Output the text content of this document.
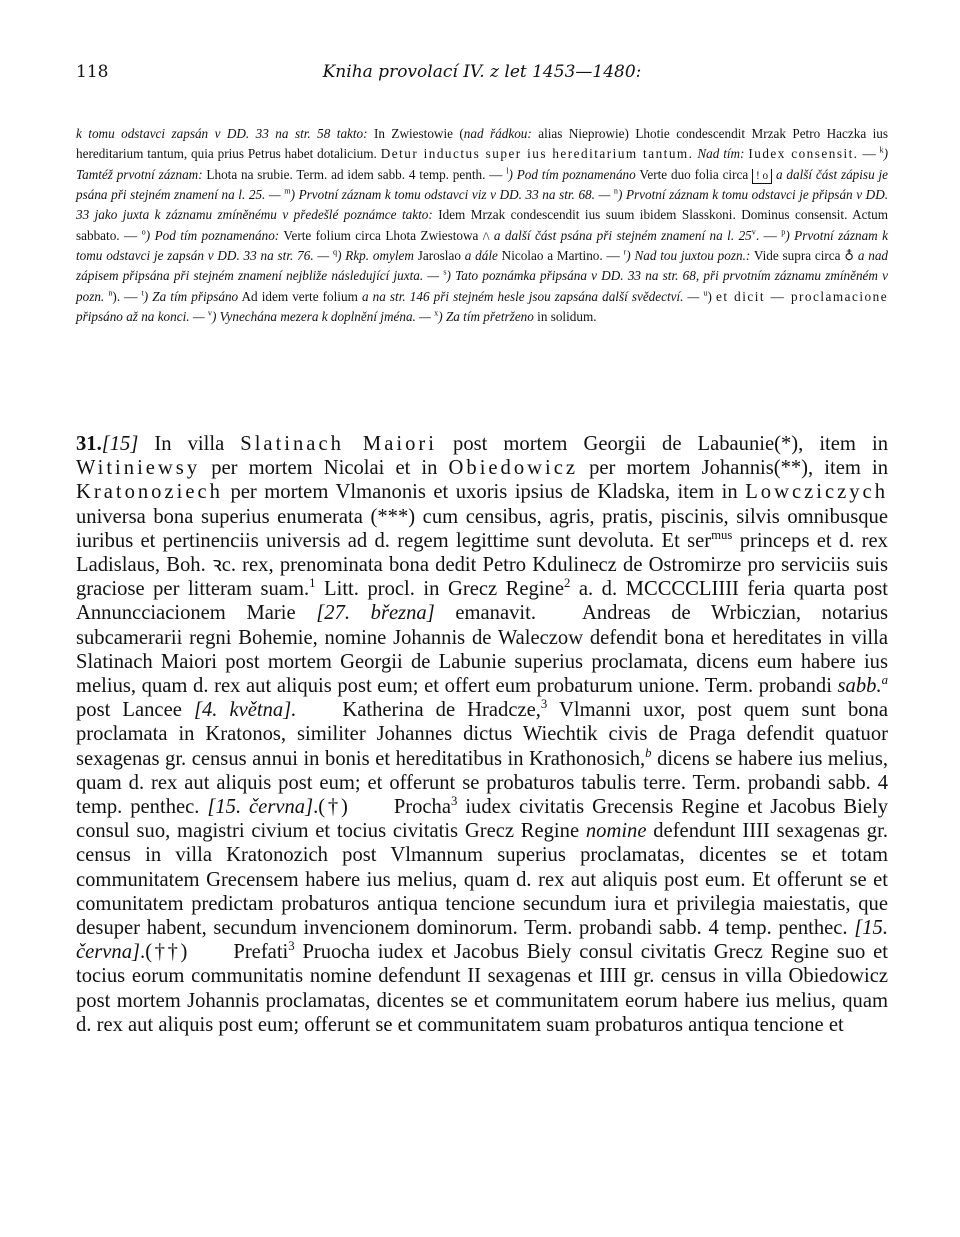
118	Kniha provolací IV. z let 1453—1480:

k tomu odstavci zapsán v DD. 33 na str. 58 takto: In Zwiestowie (nad řádkou: alias Nieprowie) Lhotie condescendit Mrzak Petro Haczka ius hereditarium tantum, quia prius Petrus habet dotalicium. Detur inductus super ius hereditarium tantum. Nad tím: Iudex consensit. — $^k$) Tamtéž prvotní záznam: Lhota na srubie. Term. ad idem sabb. 4 temp. penth. — $^l$) Pod tím poznamenáno Verte duo folia circa ! o a další část zápisu je psána při stejném znamení na l. 25. — $^m$) Prvotní záznam k tomu odstavci viz v DD. 33 na str. 68. — $^n$) Prvotní záznam k tomu odstavci je připsán v DD. 33 jako juxta k záznamu zmíněnému v předešlé poznámce takto: Idem Mrzak condescendit ius suum ibidem Slasskoni. Dominus consensit. Actum sabbato. — $^o$) Pod tím poznamenáno: Verte folium circa Lhota Zwiestowa /\ a další část psána při stejném znamení na l. 25$^v$. — $^p$) Prvotní záznam k tomu odstavci je zapsán v DD. 33 na str. 76. — $^q$) Rkp. omylem Jaroslao a dále Nicolao a Martino. — $^r$) Nad tou juxtou pozn.: Vide supra circa ♁ a nad zápisem připsána při stejném znamení nejbliže následující juxta. — $^s$) Tato poznámka připsána v DD. 33 na str. 68, při prvotním záznamu zmíněném v pozn. $^n$). — $^t$) Za tím připsáno Ad idem verte folium a na str. 146 při stejném hesle jsou zapsána další svědectví. — $^u$) et dicit — proclamacione připsáno až na konci. — $^v$) Vynechána mezera k doplnění jména. — $^x$) Za tím přetrženo in solidum.

31.[15] In villa Slatinach Maiori post mortem Georgii de Labaunie(*), item in Witiniewsy per mortem Nicolai et in Obiedowicz per mortem Johannis(**), item in Kratonoziech per mortem Vlmanonis et uxoris ipsius de Kladska, item in Lowcziczych universa bona superius enumerata (***) cum censibus, agris, pratis, piscinis, silvis omnibusque iuribus et pertinenciis universis ad d. regem legittime sunt devoluta. Et ser$^{mus}$ princeps et d. rex Ladislaus, Boh. ꝛc. rex, prenominata bona dedit Petro Kdulinecz de Ostromirze pro serviciis suis graciose per litteram suam.$^1$ Litt. procl. in Grecz Regine$^2$ a. d. MCCCCLIIII feria quarta post Annuncciacionem Marie [27. března] emanavit. Andreas de Wrbiczian, notarius subcamerarii regni Bohemie, nomine Johannis de Waleczow defendit bona et hereditates in villa Slatinach Maiori post mortem Georgii de Labunie superius proclamata, dicens eum habere ius melius, quam d. rex aut aliquis post eum; et offert eum probaturum unione. Term. probandi sabb.$^a$ post Lancee [4. května]. Katherina de Hradcze,$^3$ Vlmanni uxor, post quem sunt bona proclamata in Kratonos, similiter Johannes dictus Wiechtik civis de Praga defendit quatuor sexagenas gr. census annui in bonis et hereditatibus in Krathonosich,$^b$ dicens se habere ius melius, quam d. rex aut aliquis post eum; et offerunt se probaturos tabulis terre. Term. probandi sabb. 4 temp. penthec. [15. června].(†) Procha$^3$ iudex civitatis Grecensis Regine et Jacobus Biely consul suo, magistri civium et tocius civitatis Grecz Regine nomine defendunt IIII sexagenas gr. census in villa Kratonozich post Vlmannum superius proclamatas, dicentes se et totam communitatem Grecensem habere ius melius, quam d. rex aut aliquis post eum. Et offerunt se et comunitatem predictam probaturos antiqua tencione secundum iura et privilegia maiestatis, que desuper habent, secundum invencionem dominorum. Term. probandi sabb. 4 temp. penthec. [15. června].(††) Prefati$^3$ Pruocha iudex et Jacobus Biely consul civitatis Grecz Regine suo et tocius eorum communitatis nomine defendunt II sexagenas et IIII gr. census in villa Obiedowicz post mortem Johannis proclamatas, dicentes se et communitatem eorum habere ius melius, quam d. rex aut aliquis post eum; offerunt se et communitatem suam probaturos antiqua tencione et
